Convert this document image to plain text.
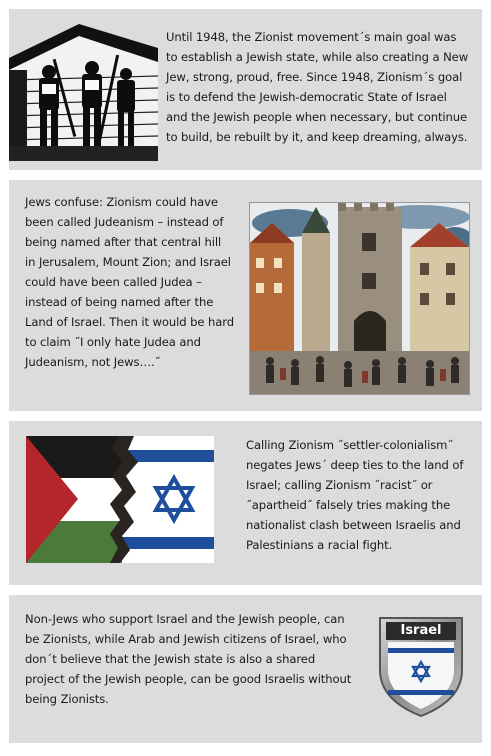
Until 1948, the Zionist movement´s main goal was to establish a Jewish state, while also creating a New Jew, strong, proud, free. Since 1948, Zionism´s goal is to defend the Jewish-democratic State of Israel and the Jewish people when necessary, but continue to build, be rebuilt by it, and keep dreaming, always.
Jews confuse: Zionism could have been called Judeanism – instead of being named after that central hill in Jerusalem, Mount Zion; and Israel could have been called Judea – instead of being named after the Land of Israel. Then it would be hard to claim ˝I only hate Judea and Judeanism, not Jews….˝
Calling Zionism ˝settler-colonialism˝ negates Jews´ deep ties to the land of Israel; calling Zionism ˝racist˝ or ˝apartheid˝ falsely tries making the nationalist clash between Israelis and Palestinians a racial fight.
Non-Jews who support Israel and the Jewish people, can be Zionists, while Arab and Jewish citizens of Israel, who don´t believe that the Jewish state is also a shared project of the Jewish people, can be good Israelis without being Zionists.
Israel
